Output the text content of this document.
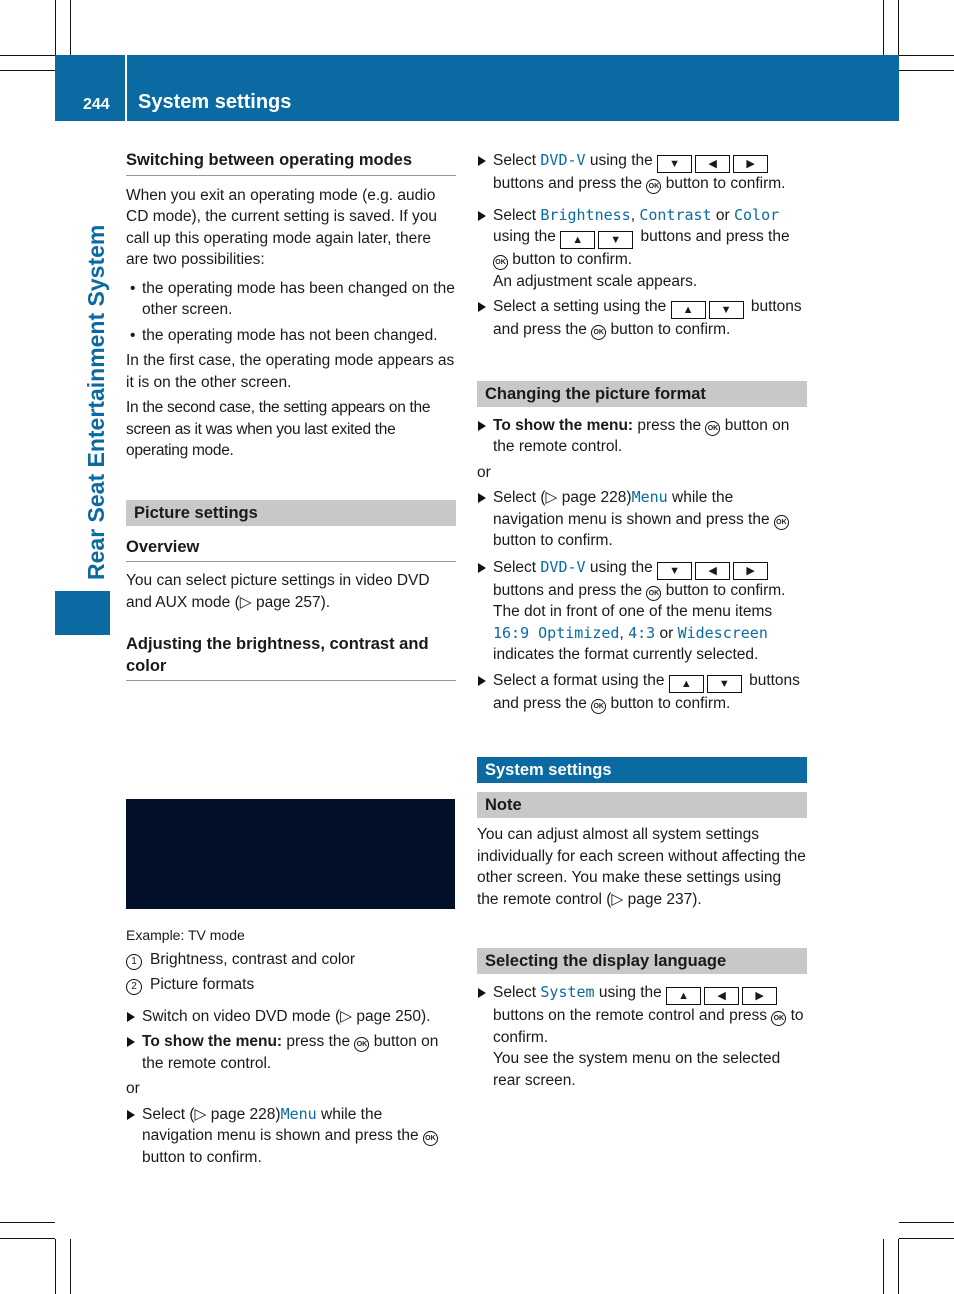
244 System settings
Rear Seat Entertainment System

Switching between operating modes

When you exit an operating mode (e.g. audio CD mode), the current setting is saved. If you call up this operating mode again later, there are two possibilities:

• the operating mode has been changed on the other screen.

• the operating mode has not been changed.

In the first case, the operating mode appears as it is on the other screen.

In the second case, the setting appears on the screen as it was when you last exited the operating mode.

Picture settings

Overview

You can select picture settings in video DVD and AUX mode (▷ page 257).

Adjusting the brightness, contrast and color

Example: TV mode

1 Brightness, contrast and color

2 Picture formats

Switch on video DVD mode (▷ page 250).

To show the menu: press the OK button on the remote control.

or

Select (▷ page 228)Menu while the navigation menu is shown and press the OK button to confirm.

Select DVD-V using the ▼	◀	▶ buttons and press the OK button to confirm.

Select Brightness, Contrast or Color using the ▲ ▼ buttons and press the OK button to confirm.
An adjustment scale appears.

Select a setting using the ▲ ▼ buttons and press the OK button to confirm.

Changing the picture format

To show the menu: press the OK button on the remote control.

or

Select (▷ page 228)Menu while the navigation menu is shown and press the OK button to confirm.

Select DVD-V using the ▼	◀	▶ buttons and press the OK button to confirm. The dot in front of one of the menu items 16:9 Optimized, 4:3 or Widescreen indicates the format currently selected.

Select a format using the ▲ ▼ buttons and press the OK button to confirm.

System settings
Note

You can adjust almost all system settings individually for each screen without affecting the other screen. You make these settings using the remote control (▷ page 237).

Selecting the display language

Select System using the ▲	◀	▶ buttons on the remote control and press OK to confirm.
You see the system menu on the selected rear screen.
